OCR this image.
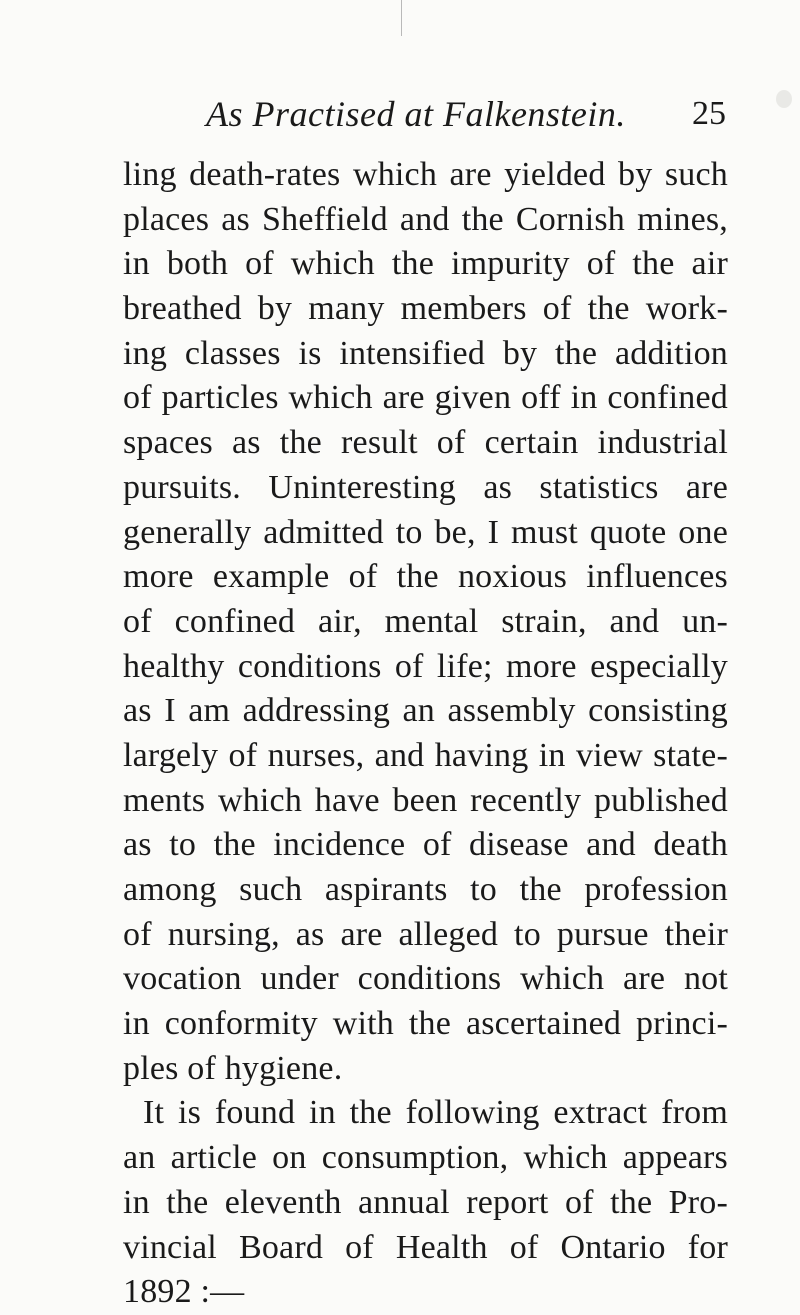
As Practised at Falkenstein. 25
ling death-rates which are yielded by such
places as Sheffield and the Cornish mines,
in both of which the impurity of the air
breathed by many members of the work-
ing classes is intensified by the addition
of particles which are given off in confined
spaces as the result of certain industrial
pursuits. Uninteresting as statistics are
generally admitted to be, I must quote one
more example of the noxious influences
of confined air, mental strain, and un-
healthy conditions of life; more especially
as I am addressing an assembly consisting
largely of nurses, and having in view state-
ments which have been recently published
as to the incidence of disease and death
among such aspirants to the profession
of nursing, as are alleged to pursue their
vocation under conditions which are not
in conformity with the ascertained princi-
ples of hygiene.
It is found in the following extract from
an article on consumption, which appears
in the eleventh annual report of the Pro-
vincial Board of Health of Ontario for
1892 :—
